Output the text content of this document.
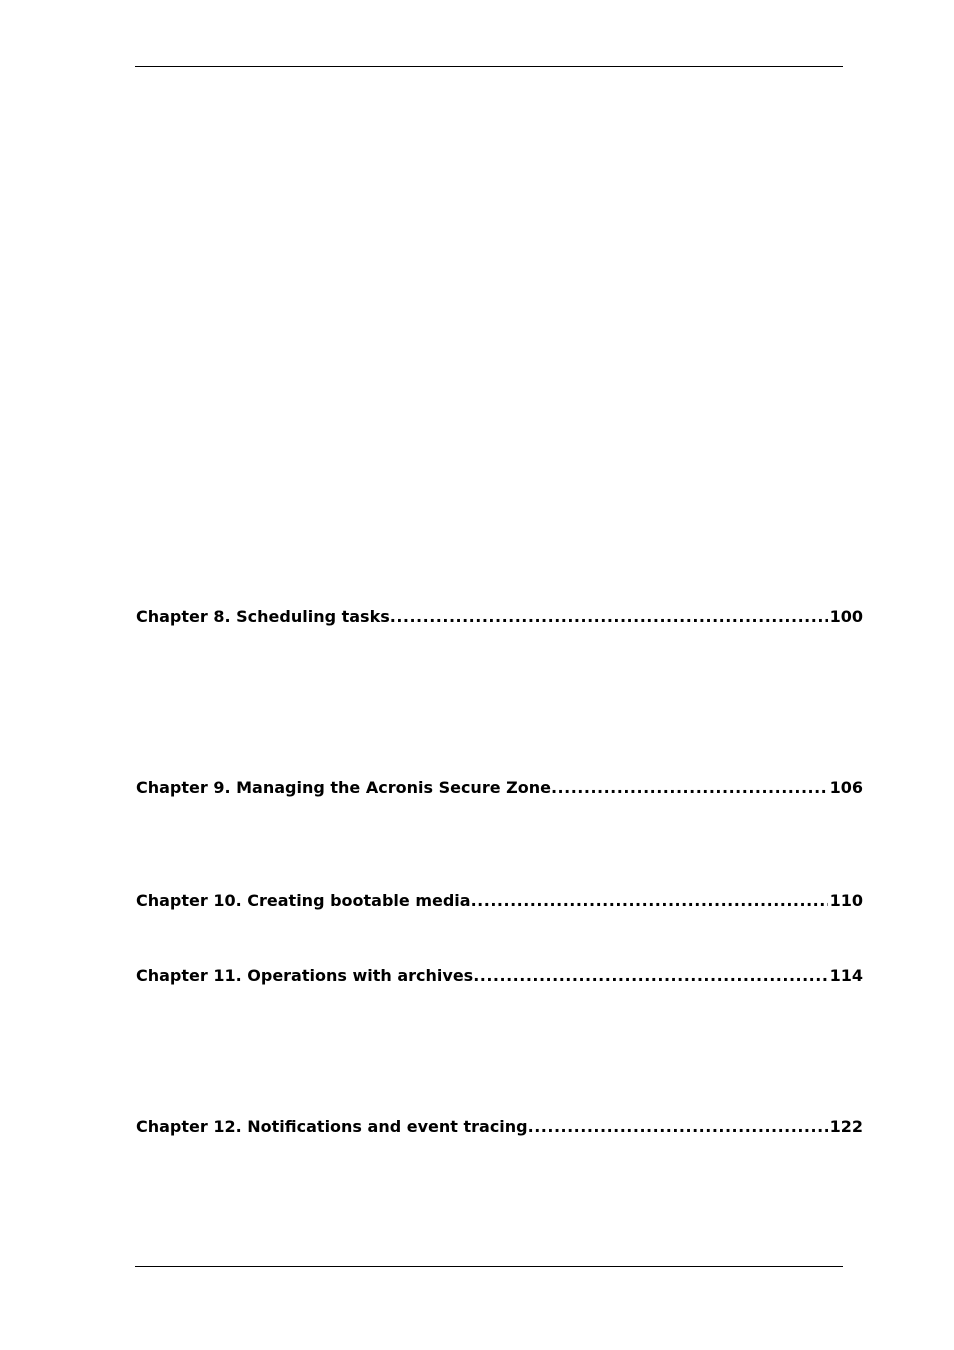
Chapter 8. Scheduling tasks .....	100
Chapter 9. Managing the Acronis Secure Zone .....	106
Chapter 10. Creating bootable media .....	110
Chapter 11. Operations with archives .....	114
Chapter 12. Notifications and event tracing .....	122
